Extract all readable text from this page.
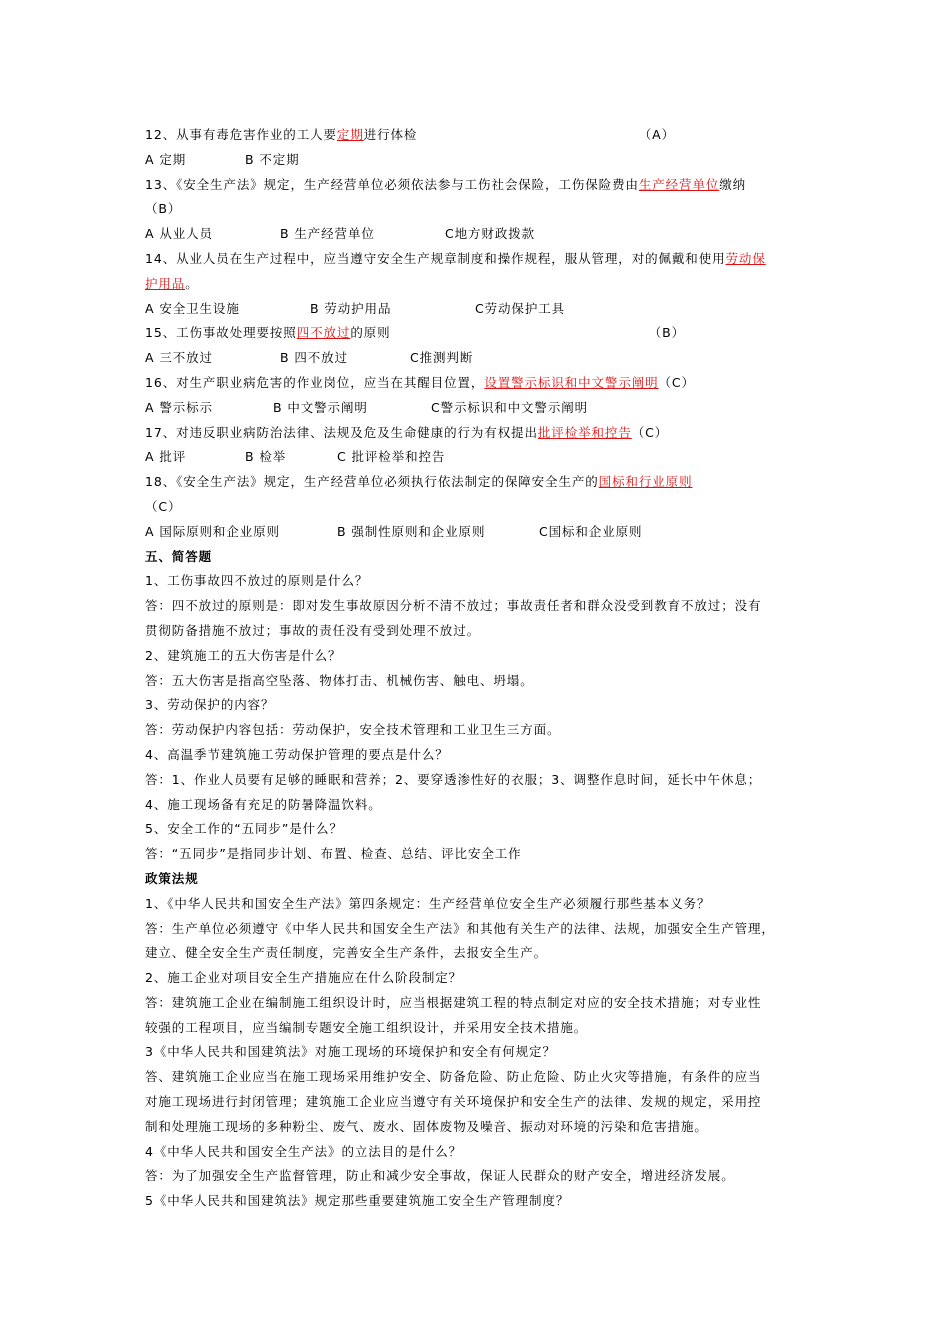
12、从事有毒危害作业的工人要定期进行体检	（A）
A 定期	B 不定期
13、《安全生产法》规定，生产经营单位必须依法参与工伤社会保险，工伤保险费由生产经营单位缴纳
（B）
A 从业人员	B 生产经营单位	C地方财政拨款
14、从业人员在生产过程中，应当遵守安全生产规章制度和操作规程，服从管理，对的佩戴和使用劳动保
护用品。
A 安全卫生设施	B 劳动护用品	C劳动保护工具
15、工伤事故处理要按照四不放过的原则	（B）
A 三不放过	B 四不放过	C推测判断
16、对生产职业病危害的作业岗位，应当在其醒目位置，设置警示标识和中文警示阐明（C）
A 警示标示	B 中文警示阐明	C警示标识和中文警示阐明
17、对违反职业病防治法律、法规及危及生命健康的行为有权提出批评检举和控告（C）
A 批评	B 检举	C 批评检举和控告
18、《安全生产法》规定，生产经营单位必须执行依法制定的保障安全生产的国标和行业原则
（C）
A 国际原则和企业原则	B 强制性原则和企业原则	C国标和企业原则
五、简答题
1、工伤事故四不放过的原则是什么？
答：四不放过的原则是：即对发生事故原因分析不清不放过；事故责任者和群众没受到教育不放过；没有
贯彻防备措施不放过；事故的责任没有受到处理不放过。
2、建筑施工的五大伤害是什么？
答：五大伤害是指高空坠落、物体打击、机械伤害、触电、坍塌。
3、劳动保护的内容？
答：劳动保护内容包括：劳动保护，安全技术管理和工业卫生三方面。
4、高温季节建筑施工劳动保护管理的要点是什么？
答：1、作业人员要有足够的睡眠和营养；2、要穿透渗性好的衣服；3、调整作息时间，延长中午休息；
4、施工现场备有充足的防暑降温饮料。
5、安全工作的“五同步”是什么？
答：“五同步”是指同步计划、布置、检查、总结、评比安全工作
政策法规
1、《中华人民共和国安全生产法》第四条规定：生产经营单位安全生产必须履行那些基本义务？
答：生产单位必须遵守《中华人民共和国安全生产法》和其他有关生产的法律、法规，加强安全生产管理，
建立、健全安全生产责任制度，完善安全生产条件，去报安全生产。
2、施工企业对项目安全生产措施应在什么阶段制定？
答：建筑施工企业在编制施工组织设计时，应当根据建筑工程的特点制定对应的安全技术措施；对专业性
较强的工程项目，应当编制专题安全施工组织设计，并采用安全技术措施。
3《中华人民共和国建筑法》对施工现场的环境保护和安全有何规定？
答、建筑施工企业应当在施工现场采用维护安全、防备危险、防止危险、防止火灾等措施，有条件的应当
对施工现场进行封闭管理；建筑施工企业应当遵守有关环境保护和安全生产的法律、发规的规定，采用控
制和处理施工现场的多种粉尘、废气、废水、固体废物及噪音、振动对环境的污染和危害措施。
4《中华人民共和国安全生产法》的立法目的是什么？
答：为了加强安全生产监督管理，防止和减少安全事故，保证人民群众的财产安全，增进经济发展。
5《中华人民共和国建筑法》规定那些重要建筑施工安全生产管理制度？
